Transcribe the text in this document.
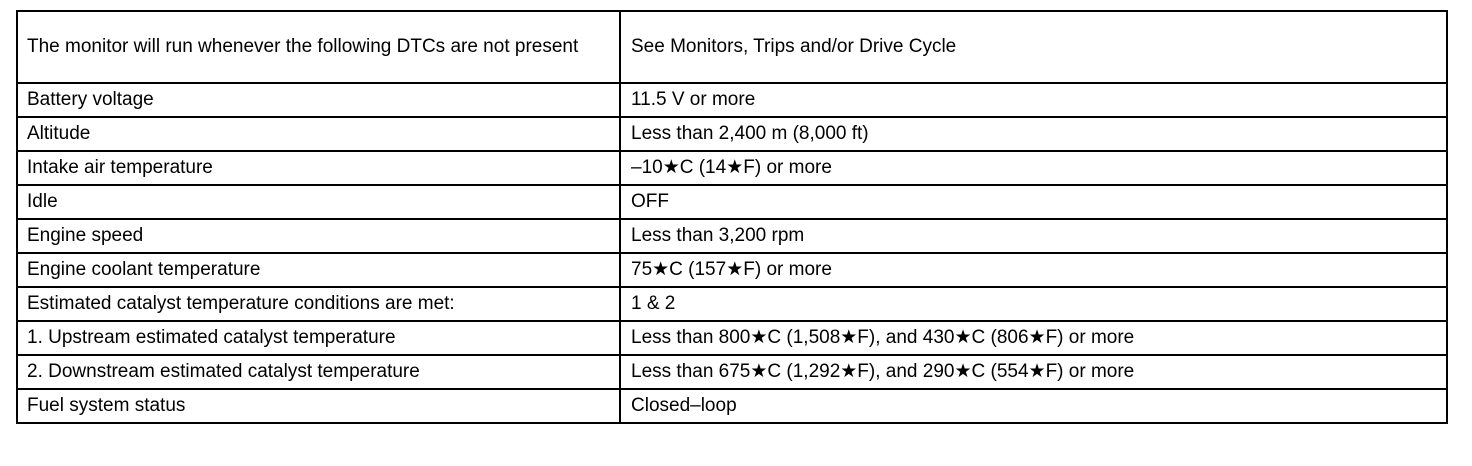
The monitor will run whenever the following DTCs are not present	See Monitors, Trips and/or Drive Cycle
Battery voltage	11.5 V or more
Altitude	Less than 2,400 m (8,000 ft)
Intake air temperature	–10★C (14★F) or more
Idle	OFF
Engine speed	Less than 3,200 rpm
Engine coolant temperature	75★C (157★F) or more
Estimated catalyst temperature conditions are met:	1 & 2
1. Upstream estimated catalyst temperature	Less than 800★C (1,508★F), and 430★C (806★F) or more
2. Downstream estimated catalyst temperature	Less than 675★C (1,292★F), and 290★C (554★F) or more
Fuel system status	Closed–loop
